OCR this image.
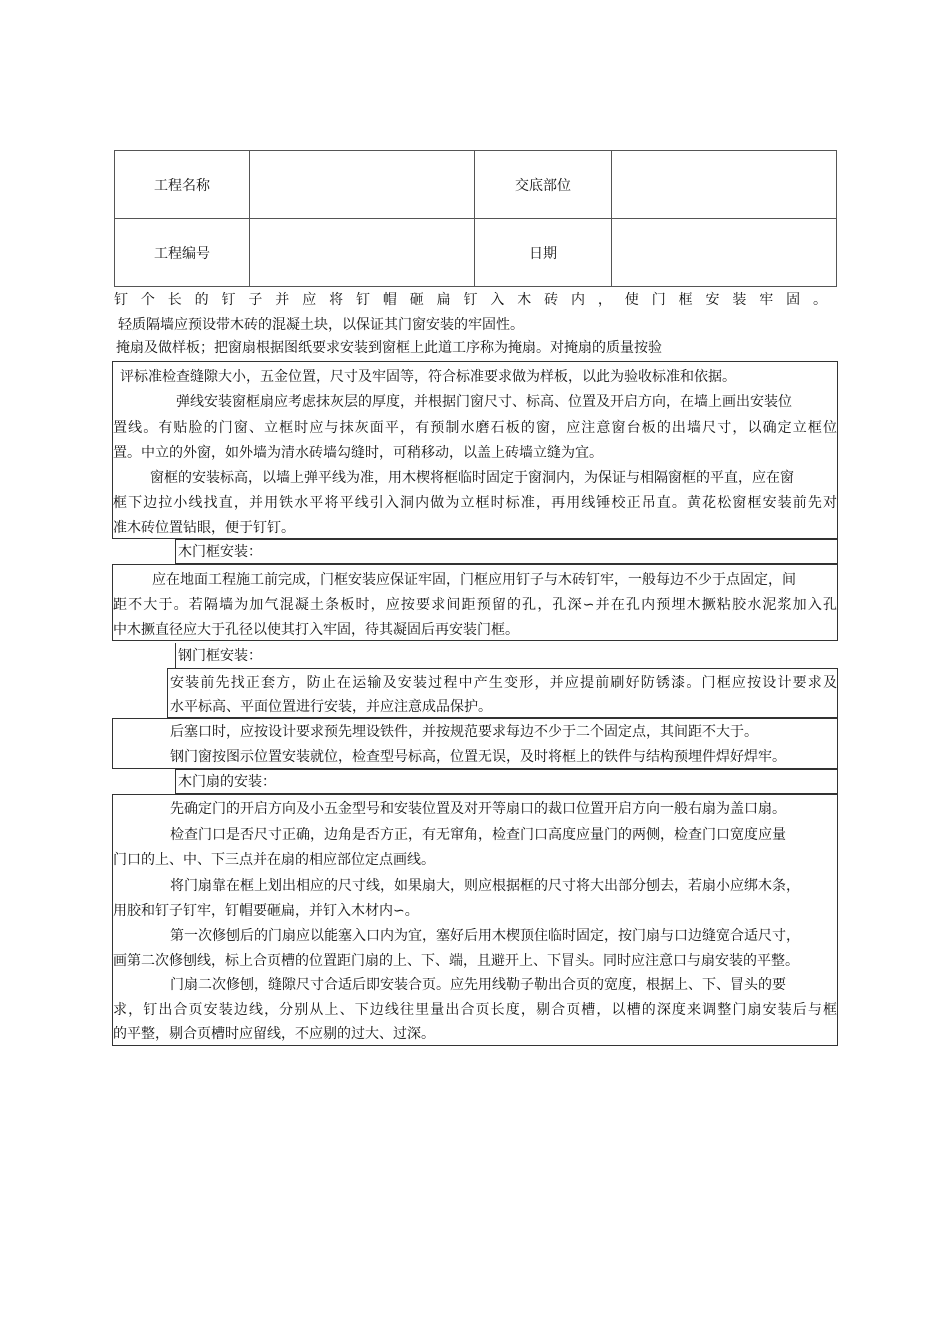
工程名称		交底部位	
工程编号		日期	
钉个长的钉子并应将钉帽砸扁钉入木砖内，使门框安装牢固。
轻质隔墙应预设带木砖的混凝土块，以保证其门窗安装的牢固性。
掩扇及做样板；把窗扇根据图纸要求安装到窗框上此道工序称为掩扇。对掩扇的质量按验
评标准检查缝隙大小，五金位置，尺寸及牢固等，符合标准要求做为样板，以此为验收标准和依据。
弹线安装窗框扇应考虑抹灰层的厚度，并根据门窗尺寸、标高、位置及开启方向，在墙上画出安装位
置线。有贴脸的门窗、立框时应与抹灰面平，有预制水磨石板的窗，应注意窗台板的出墙尺寸，以确定立框位
置。中立的外窗，如外墙为清水砖墙勾缝时，可稍移动，以盖上砖墙立缝为宜。
窗框的安装标高，以墙上弹平线为准，用木楔将框临时固定于窗洞内，为保证与相隔窗框的平直，应在窗
框下边拉小线找直，并用铁水平将平线引入洞内做为立框时标准，再用线锤校正吊直。黄花松窗框安装前先对
准木砖位置钻眼，便于钉钉。
木门框安装：
应在地面工程施工前完成，门框安装应保证牢固，门框应用钉子与木砖钉牢，一般每边不少于点固定，间
距不大于。若隔墙为加气混凝土条板时，应按要求间距预留的孔，孔深∽并在孔内预埋木撅粘胶水泥浆加入孔
中木撅直径应大于孔径以使其打入牢固，待其凝固后再安装门框。
钢门框安装：
安装前先找正套方，防止在运输及安装过程中产生变形，并应提前刷好防锈漆。门框应按设计要求及
水平标高、平面位置进行安装，并应注意成品保护。
后塞口时，应按设计要求预先埋设铁件，并按规范要求每边不少于二个固定点，其间距不大于。
钢门窗按图示位置安装就位，检查型号标高，位置无误，及时将框上的铁件与结构预埋件焊好焊牢。
木门扇的安装：
先确定门的开启方向及小五金型号和安装位置及对开等扇口的裁口位置开启方向一般右扇为盖口扇。
检查门口是否尺寸正确，边角是否方正，有无窜角，检查门口高度应量门的两侧，检查门口宽度应量
门口的上、中、下三点并在扇的相应部位定点画线。
将门扇靠在框上划出相应的尺寸线，如果扇大，则应根据框的尺寸将大出部分刨去，若扇小应绑木条，
用胶和钉子钉牢，钉帽要砸扁，并钉入木材内∽。
第一次修刨后的门扇应以能塞入口内为宜，塞好后用木楔顶住临时固定，按门扇与口边缝宽合适尺寸，
画第二次修刨线，标上合页槽的位置距门扇的上、下、端，且避开上、下冒头。同时应注意口与扇安装的平整。
门扇二次修刨，缝隙尺寸合适后即安装合页。应先用线勒子勒出合页的宽度，根据上、下、冒头的要
求，钉出合页安装边线，分别从上、下边线往里量出合页长度，剔合页槽，以槽的深度来调整门扇安装后与框
的平整，剔合页槽时应留线，不应剔的过大、过深。
